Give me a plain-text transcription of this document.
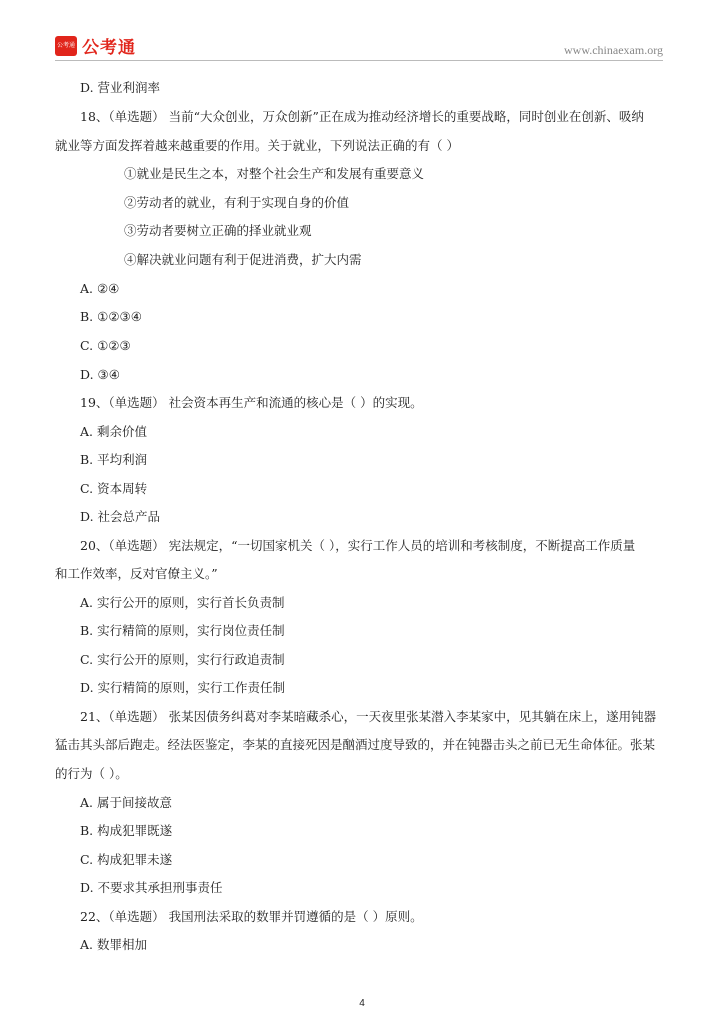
公考通 公考通	www.chinaexam.org
D. 营业利润率
18、（单选题） 当前“大众创业，万众创新”正在成为推动经济增长的重要战略，同时创业在创新、吸纳
就业等方面发挥着越来越重要的作用。关于就业，下列说法正确的有（ ）
①就业是民生之本，对整个社会生产和发展有重要意义
②劳动者的就业，有利于实现自身的价值
③劳动者要树立正确的择业就业观
④解决就业问题有利于促进消费，扩大内需
A. ②④
B. ①②③④
C. ①②③
D. ③④
19、（单选题） 社会资本再生产和流通的核心是（ ）的实现。
A. 剩余价值
B. 平均利润
C. 资本周转
D. 社会总产品
20、（单选题） 宪法规定，“一切国家机关（ ），实行工作人员的培训和考核制度，不断提高工作质量
和工作效率，反对官僚主义。”
A. 实行公开的原则，实行首长负责制
B. 实行精简的原则，实行岗位责任制
C. 实行公开的原则，实行行政追责制
D. 实行精简的原则，实行工作责任制
21、（单选题） 张某因债务纠葛对李某暗藏杀心，一天夜里张某潜入李某家中，见其躺在床上，遂用钝器
猛击其头部后跑走。经法医鉴定，李某的直接死因是酗酒过度导致的，并在钝器击头之前已无生命体征。张某
的行为（ ）。
A. 属于间接故意
B. 构成犯罪既遂
C. 构成犯罪未遂
D. 不要求其承担刑事责任
22、（单选题） 我国刑法采取的数罪并罚遵循的是（ ）原则。
A. 数罪相加
4
